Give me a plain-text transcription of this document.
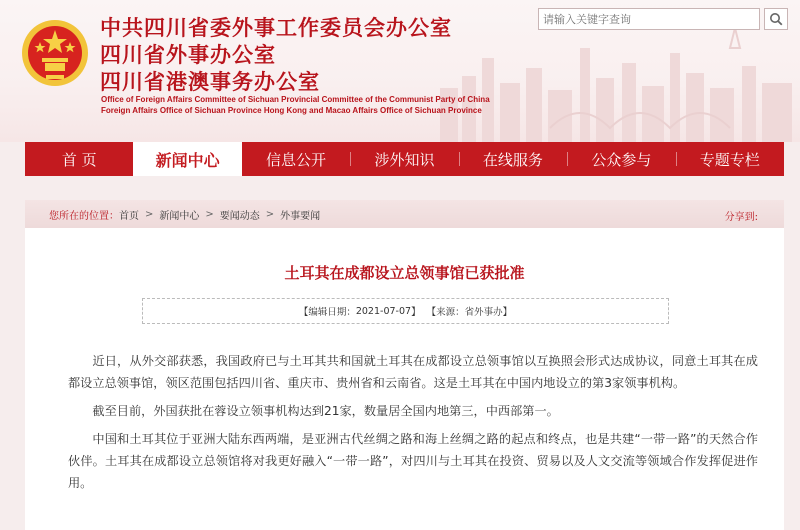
中共四川省委外事工作委员会办公室
四川省外事办公室
四川省港澳事务办公室
Office of Foreign Affairs Committee of Sichuan Provincial Committee of the Communist Party of China
Foreign Affairs Office of Sichuan Province Hong Kong and Macao Affairs Office of Sichuan Province
请输入关键字查询
首 页	新闻中心	信息公开	涉外知识	在线服务	公众参与	专题专栏
您所在的位置： 首页 > 新闻中心 > 要闻动态 > 外事要闻	分享到:
土耳其在成都设立总领事馆已获批准
【编辑日期： 2021-07-07 】
【来源： 省外事办 】

近日，从外交部获悉，我国政府已与土耳其共和国就土耳其在成都设立总领事馆以互换照会形式达成协议，同意土耳其在成都设立总领事馆，领区范围包括四川省、重庆市、贵州省和云南省。这是土耳其在中国内地设立的第3家领事机构。

截至目前，外国获批在蓉设立领事机构达到21家，数量居全国内地第三，中西部第一。

中国和土耳其位于亚洲大陆东西两端，是亚洲古代丝绸之路和海上丝绸之路的起点和终点，也是共建“一带一路”的天然合作伙伴。土耳其在成都设立总领馆将对我更好融入“一带一路”，对四川与土耳其在投资、贸易以及人文交流等领域合作发挥促进作用。
